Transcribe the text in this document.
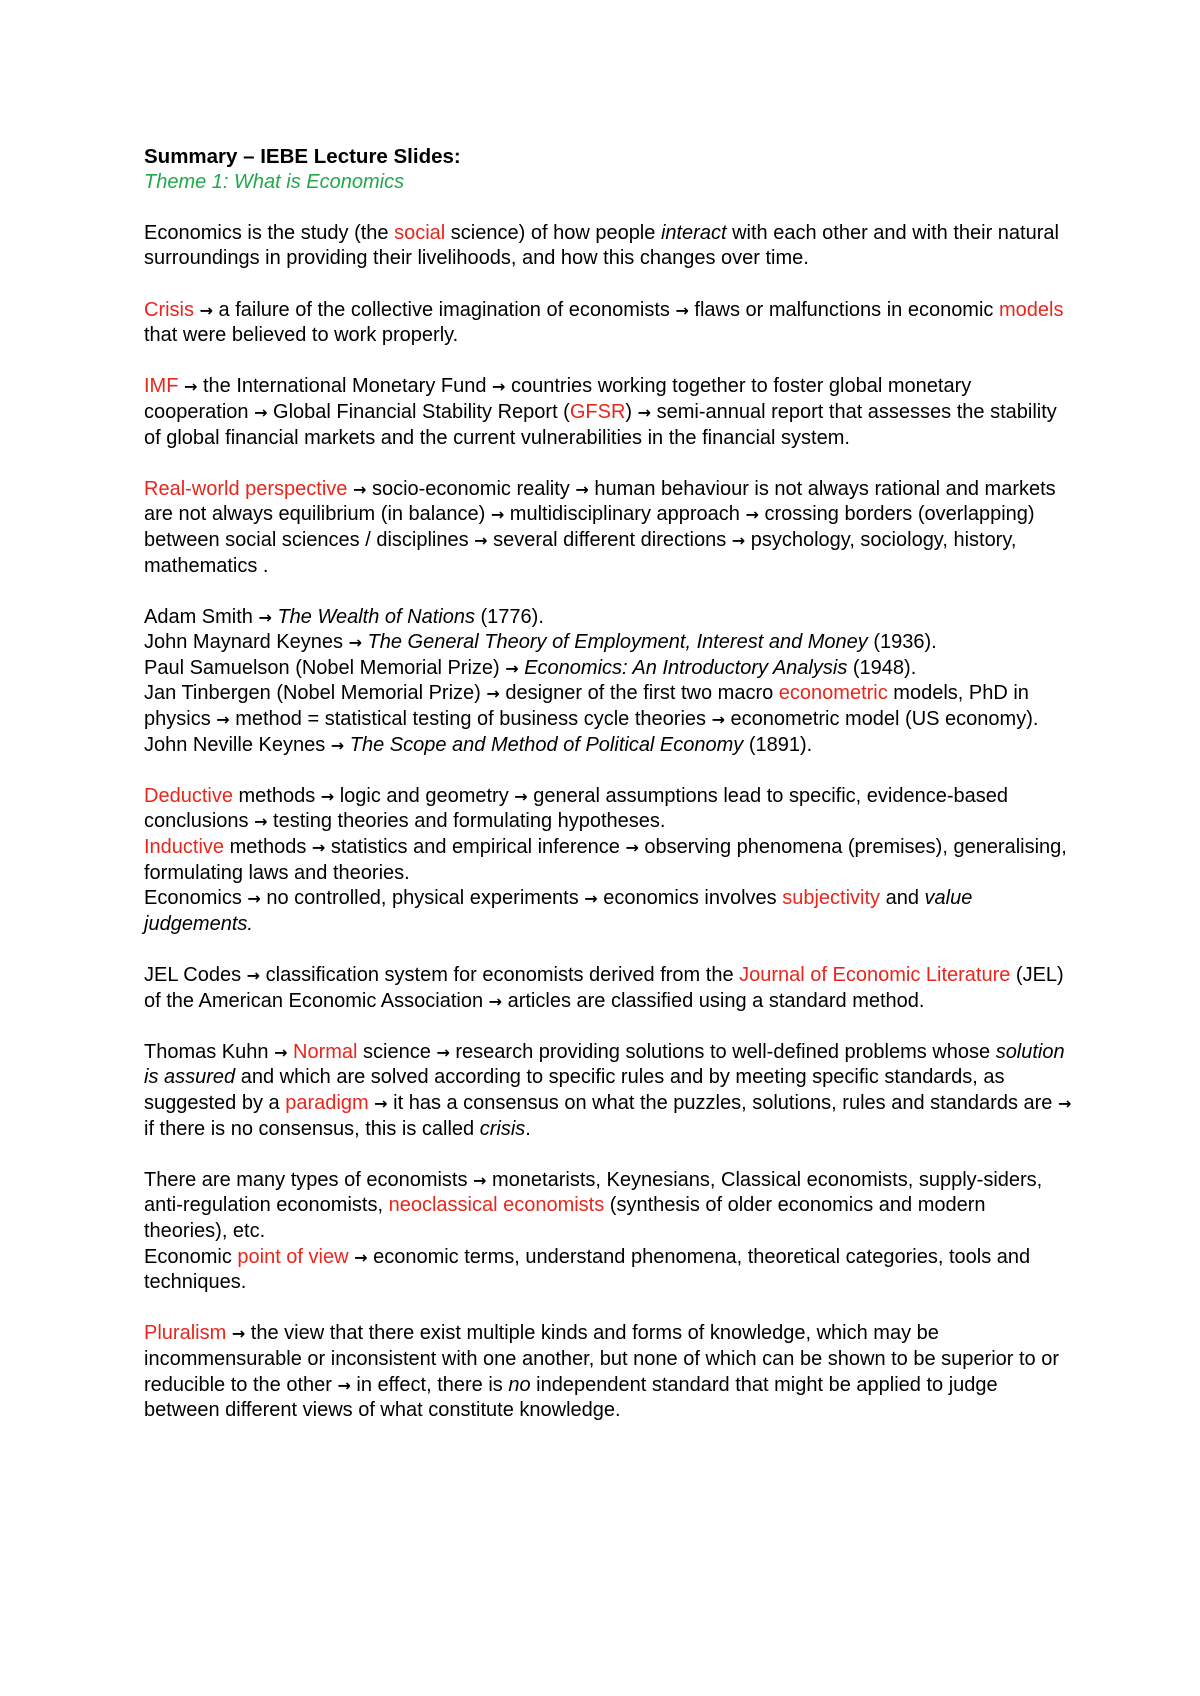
Summary – IEBE Lecture Slides:

Theme 1: What is Economics

Economics is the study (the social science) of how people interact with each other and with their natural surroundings in providing their livelihoods, and how this changes over time.

Crisis → a failure of the collective imagination of economists → flaws or malfunctions in economic models that were believed to work properly.

IMF → the International Monetary Fund → countries working together to foster global monetary cooperation → Global Financial Stability Report (GFSR) → semi-annual report that assesses the stability of global financial markets and the current vulnerabilities in the financial system.

Real-world perspective → socio-economic reality → human behaviour is not always rational and markets are not always equilibrium (in balance) → multidisciplinary approach → crossing borders (overlapping) between social sciences / disciplines → several different directions → psychology, sociology, history, mathematics .

Adam Smith → The Wealth of Nations (1776).

John Maynard Keynes → The General Theory of Employment, Interest and Money (1936).

Paul Samuelson (Nobel Memorial Prize) → Economics: An Introductory Analysis (1948).

Jan Tinbergen (Nobel Memorial Prize) → designer of the first two macro econometric models, PhD in physics → method = statistical testing of business cycle theories → econometric model (US economy).

John Neville Keynes → The Scope and Method of Political Economy (1891).

Deductive methods → logic and geometry → general assumptions lead to specific, evidence-based conclusions → testing theories and formulating hypotheses.

Inductive methods → statistics and empirical inference → observing phenomena (premises), generalising, formulating laws and theories.

Economics → no controlled, physical experiments → economics involves subjectivity and value judgements.

JEL Codes → classification system for economists derived from the Journal of Economic Literature (JEL) of the American Economic Association → articles are classified using a standard method.

Thomas Kuhn → Normal science → research providing solutions to well-defined problems whose solution is assured and which are solved according to specific rules and by meeting specific standards, as suggested by a paradigm → it has a consensus on what the puzzles, solutions, rules and standards are → if there is no consensus, this is called crisis.

There are many types of economists → monetarists, Keynesians, Classical economists, supply-siders, anti-regulation economists, neoclassical economists (synthesis of older economics and modern theories), etc.

Economic point of view → economic terms, understand phenomena, theoretical categories, tools and techniques.

Pluralism → the view that there exist multiple kinds and forms of knowledge, which may be incommensurable or inconsistent with one another, but none of which can be shown to be superior to or reducible to the other → in effect, there is no independent standard that might be applied to judge between different views of what constitute knowledge.
